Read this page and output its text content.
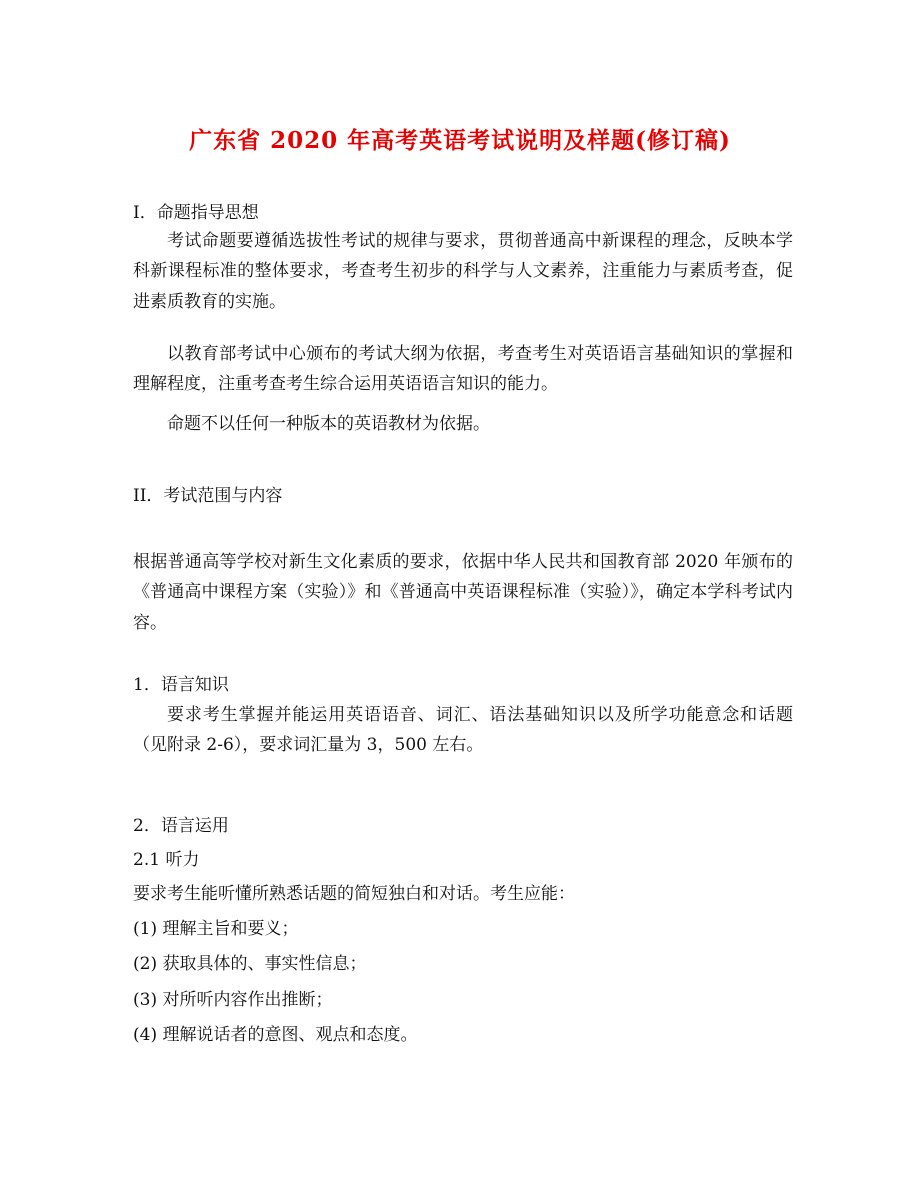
广东省 2020 年高考英语考试说明及样题(修订稿)
I．命题指导思想

考试命题要遵循选拔性考试的规律与要求，贯彻普通高中新课程的理念，反映本学科新课程标准的整体要求，考查考生初步的科学与人文素养，注重能力与素质考查，促进素质教育的实施。

以教育部考试中心颁布的考试大纲为依据，考查考生对英语语言基础知识的掌握和理解程度，注重考查考生综合运用英语语言知识的能力。

命题不以任何一种版本的英语教材为依据。

II．考试范围与内容

根据普通高等学校对新生文化素质的要求，依据中华人民共和国教育部 2020 年颁布的《普通高中课程方案（实验）》和《普通高中英语课程标准（实验）》，确定本学科考试内容。

1．语言知识

要求考生掌握并能运用英语语音、词汇、语法基础知识以及所学功能意念和话题（见附录 2-6），要求词汇量为 3，500 左右。

2．语言运用
2.1 听力
要求考生能听懂所熟悉话题的简短独白和对话。考生应能：
(1) 理解主旨和要义；
(2) 获取具体的、事实性信息；
(3) 对所听内容作出推断；
(4) 理解说话者的意图、观点和态度。
